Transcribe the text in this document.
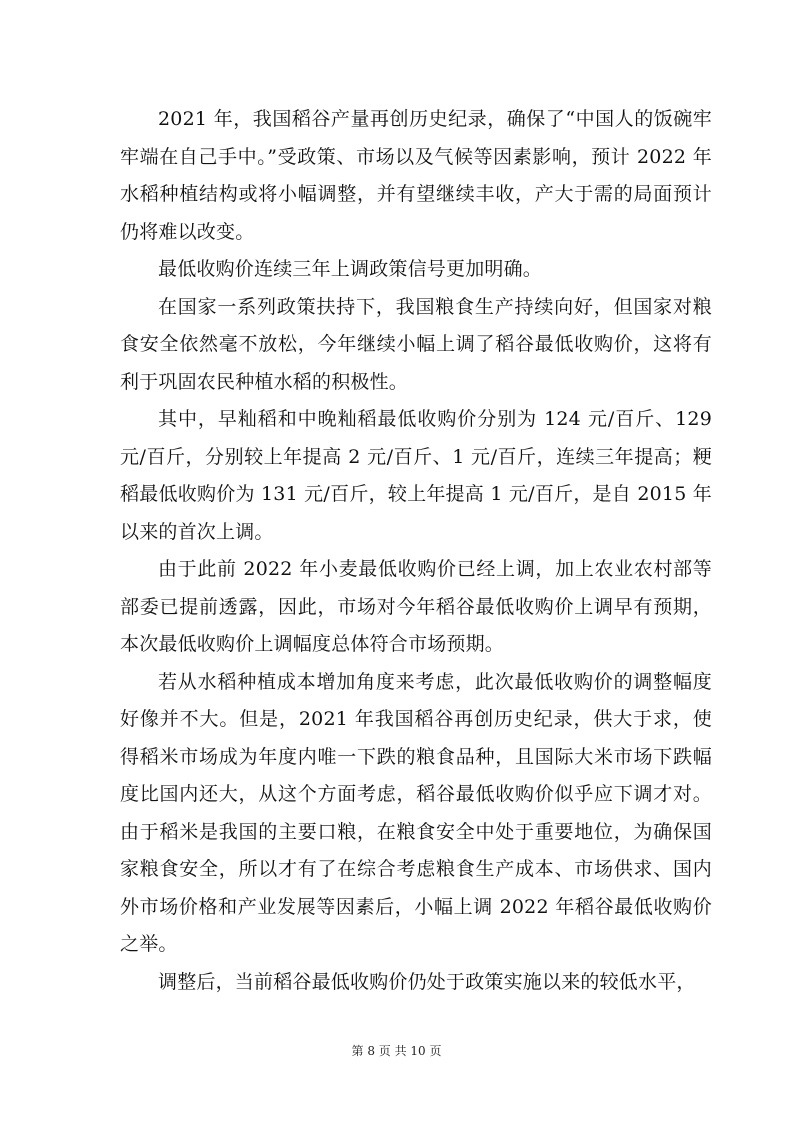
2021 年，我国稻谷产量再创历史纪录，确保了“中国人的饭碗牢牢端在自己手中。”受政策、市场以及气候等因素影响，预计 2022 年水稻种植结构或将小幅调整，并有望继续丰收，产大于需的局面预计仍将难以改变。

最低收购价连续三年上调政策信号更加明确。

在国家一系列政策扶持下，我国粮食生产持续向好，但国家对粮食安全依然毫不放松，今年继续小幅上调了稻谷最低收购价，这将有利于巩固农民种植水稻的积极性。

其中，早籼稻和中晚籼稻最低收购价分别为 124 元/百斤、129 元/百斤，分别较上年提高 2 元/百斤、1 元/百斤，连续三年提高；粳稻最低收购价为 131 元/百斤，较上年提高 1 元/百斤，是自 2015 年以来的首次上调。

由于此前 2022 年小麦最低收购价已经上调，加上农业农村部等部委已提前透露，因此，市场对今年稻谷最低收购价上调早有预期，本次最低收购价上调幅度总体符合市场预期。

若从水稻种植成本增加角度来考虑，此次最低收购价的调整幅度好像并不大。但是，2021 年我国稻谷再创历史纪录，供大于求，使得稻米市场成为年度内唯一下跌的粮食品种，且国际大米市场下跌幅度比国内还大，从这个方面考虑，稻谷最低收购价似乎应下调才对。由于稻米是我国的主要口粮，在粮食安全中处于重要地位，为确保国家粮食安全，所以才有了在综合考虑粮食生产成本、市场供求、国内外市场价格和产业发展等因素后，小幅上调 2022 年稻谷最低收购价之举。

调整后，当前稻谷最低收购价仍处于政策实施以来的较低水平，

第 8 页 共 10 页
